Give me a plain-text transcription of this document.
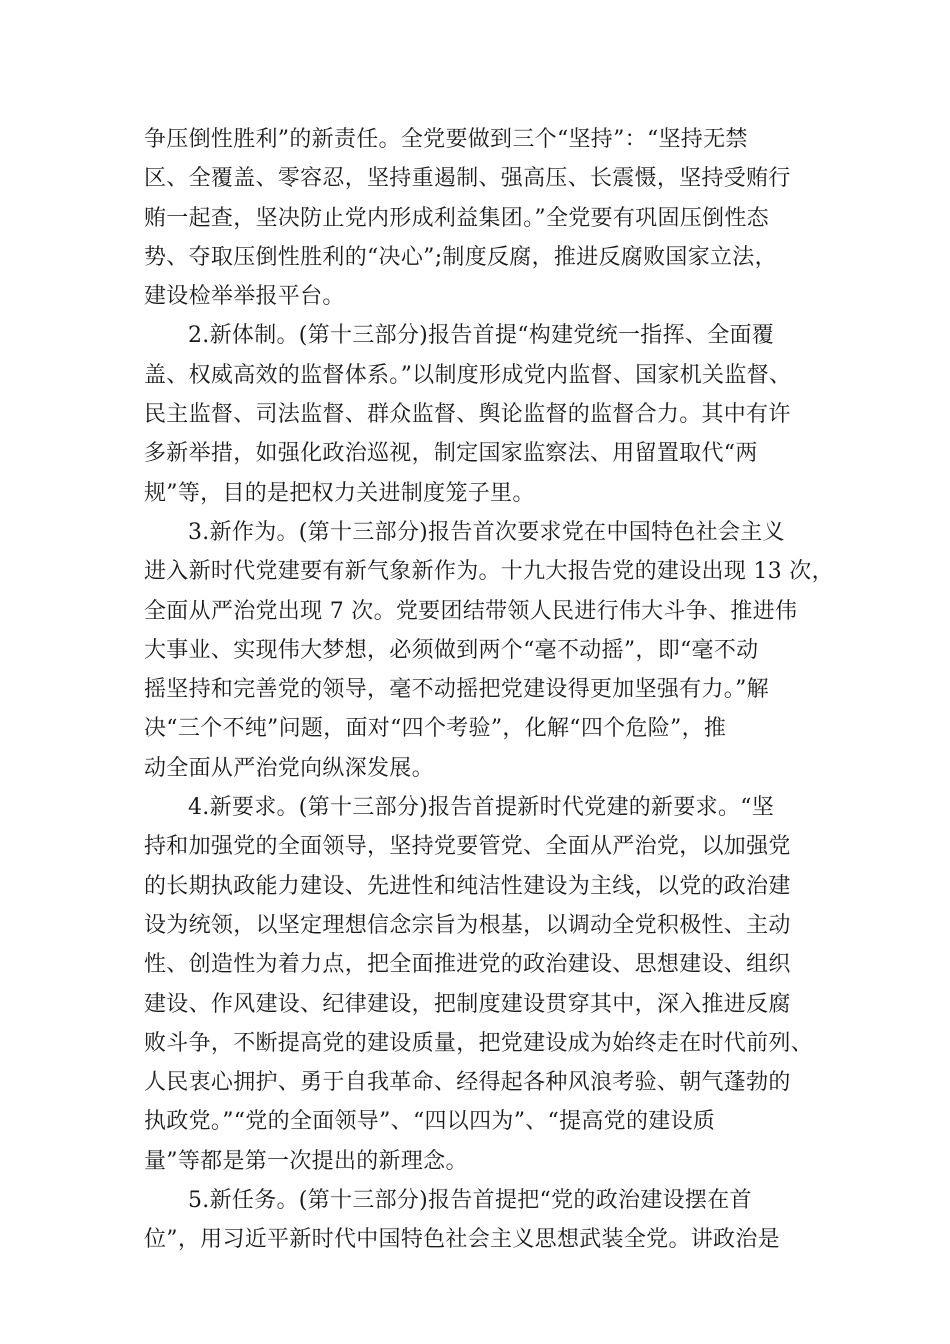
争压倒性胜利”的新责任。全党要做到三个“坚持”：“坚持无禁
区、全覆盖、零容忍，坚持重遏制、强高压、长震慑，坚持受贿行
贿一起查，坚决防止党内形成利益集团。”全党要有巩固压倒性态
势、夺取压倒性胜利的“决心”;制度反腐，推进反腐败国家立法，
建设检举举报平台。
2.新体制。(第十三部分)报告首提“构建党统一指挥、全面覆
盖、权威高效的监督体系。”以制度形成党内监督、国家机关监督、
民主监督、司法监督、群众监督、舆论监督的监督合力。其中有许
多新举措，如强化政治巡视，制定国家监察法、用留置取代“两
规”等，目的是把权力关进制度笼子里。
3.新作为。(第十三部分)报告首次要求党在中国特色社会主义
进入新时代党建要有新气象新作为。十九大报告党的建设出现 13 次，
全面从严治党出现 7 次。党要团结带领人民进行伟大斗争、推进伟
大事业、实现伟大梦想，必须做到两个“毫不动摇”，即“毫不动
摇坚持和完善党的领导，毫不动摇把党建设得更加坚强有力。”解
决“三个不纯”问题，面对“四个考验”，化解“四个危险”，推
动全面从严治党向纵深发展。
4.新要求。(第十三部分)报告首提新时代党建的新要求。“坚
持和加强党的全面领导，坚持党要管党、全面从严治党，以加强党
的长期执政能力建设、先进性和纯洁性建设为主线，以党的政治建
设为统领，以坚定理想信念宗旨为根基，以调动全党积极性、主动
性、创造性为着力点，把全面推进党的政治建设、思想建设、组织
建设、作风建设、纪律建设，把制度建设贯穿其中，深入推进反腐
败斗争，不断提高党的建设质量，把党建设成为始终走在时代前列、
人民衷心拥护、勇于自我革命、经得起各种风浪考验、朝气蓬勃的
执政党。”“党的全面领导”、“四以四为”、“提高党的建设质
量”等都是第一次提出的新理念。
5.新任务。(第十三部分)报告首提把“党的政治建设摆在首
位”，用习近平新时代中国特色社会主义思想武装全党。讲政治是
